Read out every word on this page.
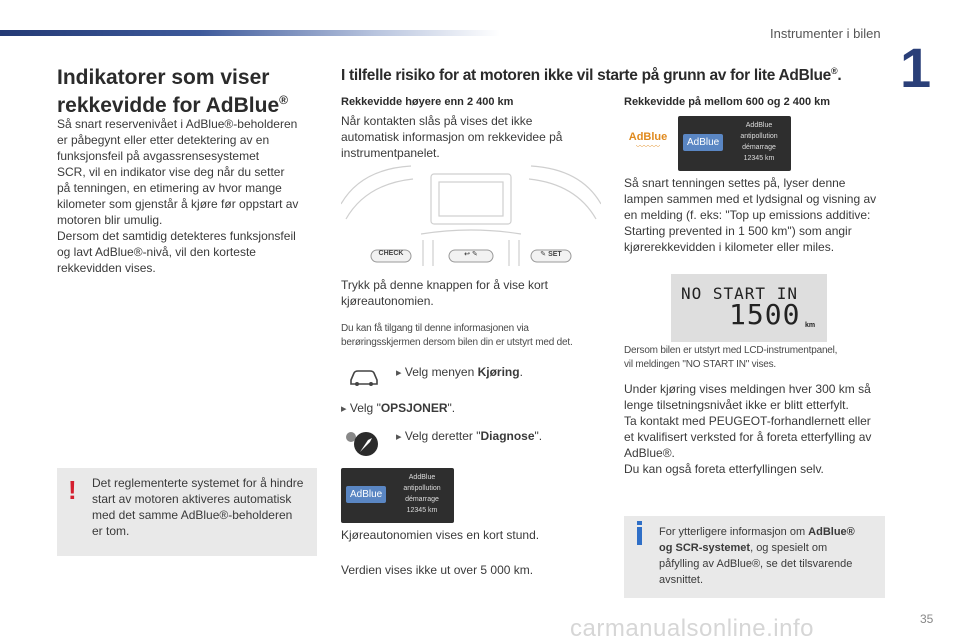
Instrumenter i bilen
1
Indikatorer som viser
rekkevidde for AdBlue®
Så snart reservenivået i AdBlue®-beholderen
er påbegynt eller etter detektering av en
funksjonsfeil på avgassrensesystemet
SCR, vil en indikator vise deg når du setter
på tenningen, en etimering av hvor mange
kilometer som gjenstår å kjøre før oppstart av
motoren blir umulig.
Dersom det samtidig detekteres funksjonsfeil
og lavt AdBlue®-nivå, vil den korteste
rekkevidden vises.
! Det reglementerte systemet for å hindre
start av motoren aktiveres automatisk
med det samme AdBlue®-beholderen
er tom.
I tilfelle risiko for at motoren ikke vil starte på grunn av for lite AdBlue®.
Rekkevidde høyere enn 2 400 km
Når kontakten slås på vises det ikke
automatisk informasjon om rekkevidee på
instrumentpanelet.
CHECK	↩ ✎	✎ SET
Trykk på denne knappen for å vise kort
kjøreautonomien.
Du kan få tilgang til denne informasjonen via
berøringsskjermen dersom bilen din er utstyrt med det.
▸ Velg menyen Kjøring.
▸ Velg "OPSJONER".
▸ Velg deretter "Diagnose".
AdBlue
AddBlue
antipollution
démarrage
12345 km
Kjøreautonomien vises en kort stund.
Verdien vises ikke ut over 5 000 km.
Rekkevidde på mellom 600 og 2 400 km
AdBlue
〰〰〰	AdBlue
AddBlue
antipollution
démarrage
12345 km
Så snart tenningen settes på, lyser denne
lampen sammen med et lydsignal og visning av
en melding (f. eks: "Top up emissions additive:
Starting prevented in 1 500 km") som angir
kjørerekkevidden i kilometer eller miles.
NO START IN
1500 km
Dersom bilen er utstyrt med LCD-instrumentpanel,
vil meldingen "NO START IN" vises.
Under kjøring vises meldingen hver 300 km så
lenge tilsetningsnivået ikke er blitt etterfylt.
Ta kontakt med PEUGEOT-forhandlernett eller
et kvalifisert verksted for å foreta etterfylling av
AdBlue®.
Du kan også foreta etterfyllingen selv.
For ytterligere informasjon om AdBlue®
og SCR-systemet, og spesielt om
påfylling av AdBlue®, se det tilsvarende
avsnittet.
carmanualsonline.info	35
